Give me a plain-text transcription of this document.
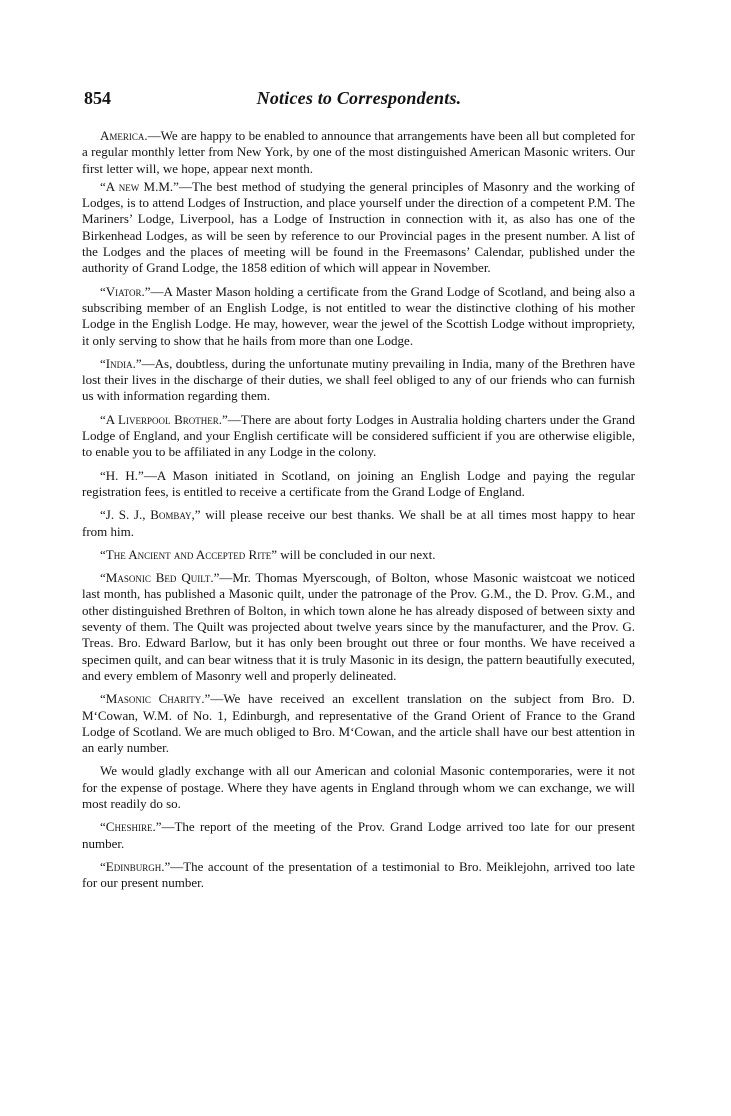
854	Notices to Correspondents.

America.—We are happy to be enabled to announce that arrangements have been all but completed for a regular monthly letter from New York, by one of the most distinguished American Masonic writers. Our first letter will, we hope, appear next month.

“A new M.M.”—The best method of studying the general principles of Masonry and the working of Lodges, is to attend Lodges of Instruction, and place yourself under the direction of a competent P.M. The Mariners’ Lodge, Liverpool, has a Lodge of Instruction in connection with it, as also has one of the Birkenhead Lodges, as will be seen by reference to our Provincial pages in the present number. A list of the Lodges and the places of meeting will be found in the Freemasons’ Calendar, published under the authority of Grand Lodge, the 1858 edition of which will appear in November.

“Viator.”—A Master Mason holding a certificate from the Grand Lodge of Scotland, and being also a subscribing member of an English Lodge, is not entitled to wear the distinctive clothing of his mother Lodge in the English Lodge. He may, however, wear the jewel of the Scottish Lodge without impropriety, it only serving to show that he hails from more than one Lodge.

“India.”—As, doubtless, during the unfortunate mutiny prevailing in India, many of the Brethren have lost their lives in the discharge of their duties, we shall feel obliged to any of our friends who can furnish us with information regarding them.

“A Liverpool Brother.”—There are about forty Lodges in Australia holding charters under the Grand Lodge of England, and your English certificate will be considered sufficient if you are otherwise eligible, to enable you to be affiliated in any Lodge in the colony.

“H. H.”—A Mason initiated in Scotland, on joining an English Lodge and paying the regular registration fees, is entitled to receive a certificate from the Grand Lodge of England.

“J. S. J., Bombay,” will please receive our best thanks. We shall be at all times most happy to hear from him.

“The Ancient and Accepted Rite” will be concluded in our next.

“Masonic Bed Quilt.”—Mr. Thomas Myerscough, of Bolton, whose Masonic waistcoat we noticed last month, has published a Masonic quilt, under the patronage of the Prov. G.M., the D. Prov. G.M., and other distinguished Brethren of Bolton, in which town alone he has already disposed of between sixty and seventy of them. The Quilt was projected about twelve years since by the manufacturer, and the Prov. G. Treas. Bro. Edward Barlow, but it has only been brought out three or four months. We have received a specimen quilt, and can bear witness that it is truly Masonic in its design, the pattern beautifully executed, and every emblem of Masonry well and properly delineated.

“Masonic Charity.”—We have received an excellent translation on the subject from Bro. D. M‘Cowan, W.M. of No. 1, Edinburgh, and representative of the Grand Orient of France to the Grand Lodge of Scotland. We are much obliged to Bro. M‘Cowan, and the article shall have our best attention in an early number.

We would gladly exchange with all our American and colonial Masonic contemporaries, were it not for the expense of postage. Where they have agents in England through whom we can exchange, we will most readily do so.

“Cheshire.”—The report of the meeting of the Prov. Grand Lodge arrived too late for our present number.

“Edinburgh.”—The account of the presentation of a testimonial to Bro. Meiklejohn, arrived too late for our present number.
